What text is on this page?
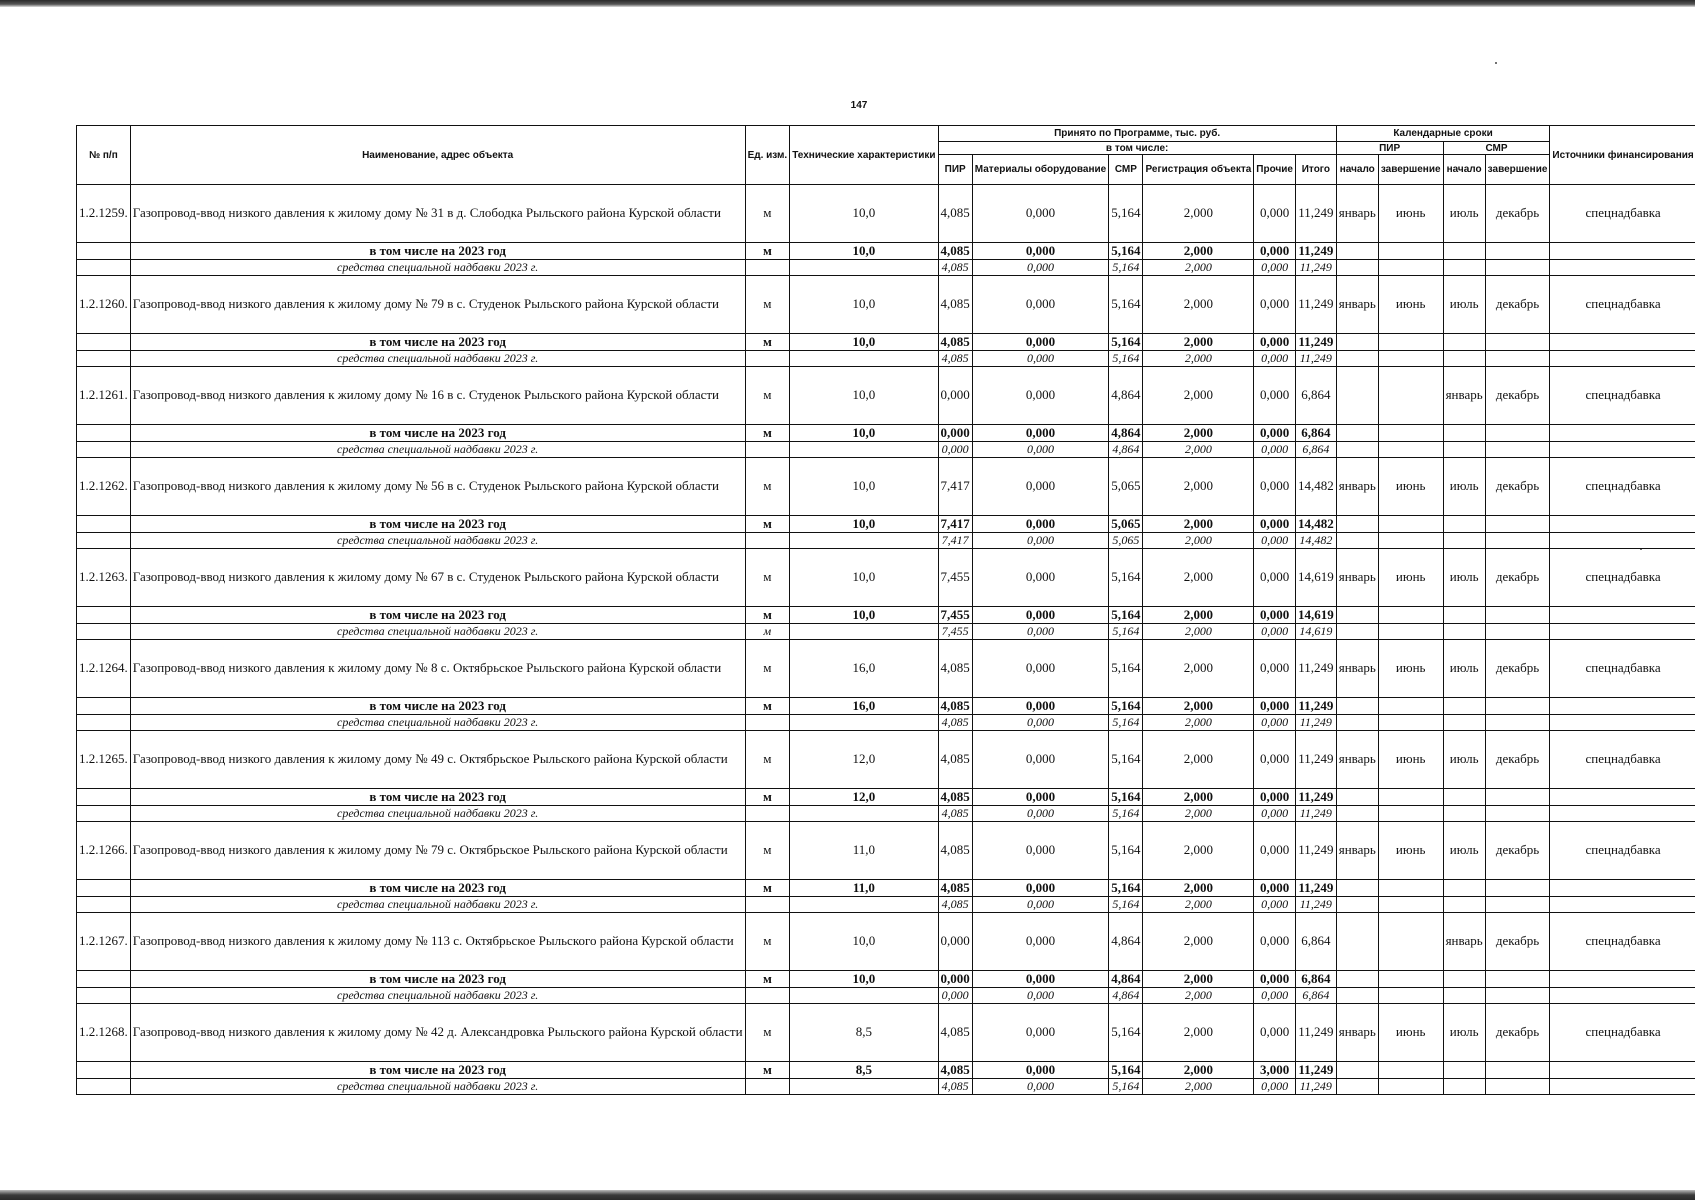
147
№ п/п	Наименование, адрес объекта	Ед. изм.	Технические характеристики	Принято по Программе, тыс. руб.						Календарные сроки				Источники финансирования
				в том числе:						ПИР		СМР		
				ПИР	Материалы оборудование	СМР	Регистрация объекта	Прочие	Итого	начало	завершение	начало	завершение	
1.2.1259.	Газопровод-ввод низкого давления к жилому дому № 31 в д. Слободка Рыльского района Курской области	м	10,0	4,085	0,000	5,164	2,000	0,000	11,249	январь	июнь	июль	декабрь	спецнадбавка
	в том числе на 2023 год	м	10,0	4,085	0,000	5,164	2,000	0,000	11,249					
	средства специальной надбавки 2023 г.			4,085	0,000	5,164	2,000	0,000	11,249					
1.2.1260.	Газопровод-ввод низкого давления к жилому дому № 79 в с. Студенок Рыльского района Курской области	м	10,0	4,085	0,000	5,164	2,000	0,000	11,249	январь	июнь	июль	декабрь	спецнадбавка
	в том числе на 2023 год	м	10,0	4,085	0,000	5,164	2,000	0,000	11,249					
	средства специальной надбавки 2023 г.			4,085	0,000	5,164	2,000	0,000	11,249					
1.2.1261.	Газопровод-ввод низкого давления к жилому дому № 16 в с. Студенок Рыльского района Курской области	м	10,0	0,000	0,000	4,864	2,000	0,000	6,864			январь	декабрь	спецнадбавка
	в том числе на 2023 год	м	10,0	0,000	0,000	4,864	2,000	0,000	6,864					
	средства специальной надбавки 2023 г.			0,000	0,000	4,864	2,000	0,000	6,864					
1.2.1262.	Газопровод-ввод низкого давления к жилому дому № 56 в с. Студенок Рыльского района Курской области	м	10,0	7,417	0,000	5,065	2,000	0,000	14,482	январь	июнь	июль	декабрь	спецнадбавка
	в том числе на 2023 год	м	10,0	7,417	0,000	5,065	2,000	0,000	14,482					
	средства специальной надбавки 2023 г.			7,417	0,000	5,065	2,000	0,000	14,482					
1.2.1263.	Газопровод-ввод низкого давления к жилому дому № 67 в с. Студенок Рыльского района Курской области	м	10,0	7,455	0,000	5,164	2,000	0,000	14,619	январь	июнь	июль	декабрь	спецнадбавка
	в том числе на 2023 год	м	10,0	7,455	0,000	5,164	2,000	0,000	14,619					
	средства специальной надбавки 2023 г.	м		7,455	0,000	5,164	2,000	0,000	14,619					
1.2.1264.	Газопровод-ввод низкого давления к жилому дому № 8 с. Октябрьское Рыльского района Курской области	м	16,0	4,085	0,000	5,164	2,000	0,000	11,249	январь	июнь	июль	декабрь	спецнадбавка
	в том числе на 2023 год	м	16,0	4,085	0,000	5,164	2,000	0,000	11,249					
	средства специальной надбавки 2023 г.			4,085	0,000	5,164	2,000	0,000	11,249					
1.2.1265.	Газопровод-ввод низкого давления к жилому дому № 49 с. Октябрьское Рыльского района Курской области	м	12,0	4,085	0,000	5,164	2,000	0,000	11,249	январь	июнь	июль	декабрь	спецнадбавка
	в том числе на 2023 год	м	12,0	4,085	0,000	5,164	2,000	0,000	11,249					
	средства специальной надбавки 2023 г.			4,085	0,000	5,164	2,000	0,000	11,249					
1.2.1266.	Газопровод-ввод низкого давления к жилому дому № 79 с. Октябрьское Рыльского района Курской области	м	11,0	4,085	0,000	5,164	2,000	0,000	11,249	январь	июнь	июль	декабрь	спецнадбавка
	в том числе на 2023 год	м	11,0	4,085	0,000	5,164	2,000	0,000	11,249					
	средства специальной надбавки 2023 г.			4,085	0,000	5,164	2,000	0,000	11,249					
1.2.1267.	Газопровод-ввод низкого давления к жилому дому № 113 с. Октябрьское Рыльского района Курской области	м	10,0	0,000	0,000	4,864	2,000	0,000	6,864			январь	декабрь	спецнадбавка
	в том числе на 2023 год	м	10,0	0,000	0,000	4,864	2,000	0,000	6,864					
	средства специальной надбавки 2023 г.			0,000	0,000	4,864	2,000	0,000	6,864					
1.2.1268.	Газопровод-ввод низкого давления к жилому дому № 42 д. Александровка Рыльского района Курской области	м	8,5	4,085	0,000	5,164	2,000	0,000	11,249	январь	июнь	июль	декабрь	спецнадбавка
	в том числе на 2023 год	м	8,5	4,085	0,000	5,164	2,000	3,000	11,249					
	средства специальной надбавки 2023 г.			4,085	0,000	5,164	2,000	0,000	11,249					
